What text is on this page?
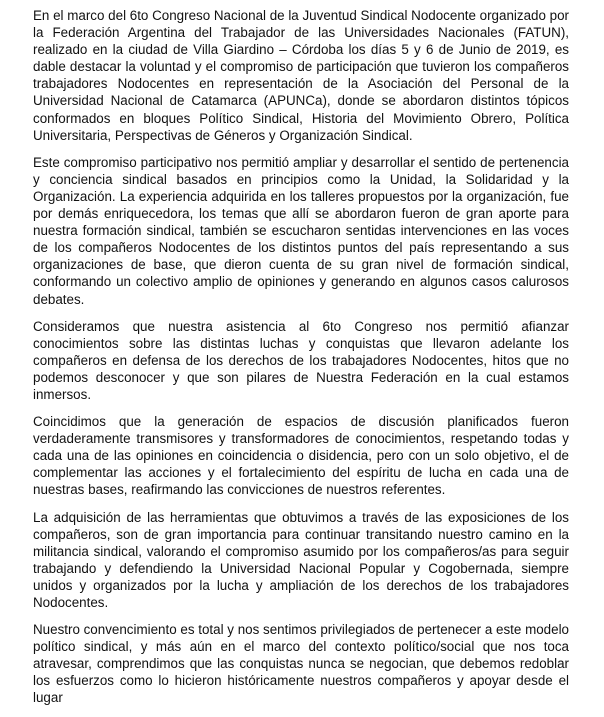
En el marco del 6to Congreso Nacional de la Juventud Sindical Nodocente organizado por la Federación Argentina del Trabajador de las Universidades Nacionales (FATUN), realizado en la ciudad de Villa Giardino – Córdoba los días 5 y 6 de Junio de 2019, es dable destacar la voluntad y el compromiso de participación que tuvieron los compañeros trabajadores Nodocentes en representación de la Asociación del Personal de la Universidad Nacional de Catamarca (APUNCa), donde se abordaron distintos tópicos conformados en bloques Político Sindical, Historia del Movimiento Obrero, Política Universitaria, Perspectivas de Géneros y Organización Sindical.

Este compromiso participativo nos permitió ampliar y desarrollar el sentido de pertenencia y conciencia sindical basados en principios como la Unidad, la Solidaridad y la Organización. La experiencia adquirida en los talleres propuestos por la organización, fue por demás enriquecedora, los temas que allí se abordaron fueron de gran aporte para nuestra formación sindical, también se escucharon sentidas intervenciones en las voces de los compañeros Nodocentes de los distintos puntos del país representando a sus organizaciones de base, que dieron cuenta de su gran nivel de formación sindical, conformando un colectivo amplio de opiniones y generando en algunos casos calurosos debates.

Consideramos que nuestra asistencia al 6to Congreso nos permitió afianzar conocimientos sobre las distintas luchas y conquistas que llevaron adelante los compañeros en defensa de los derechos de los trabajadores Nodocentes, hitos que no podemos desconocer y que son pilares de Nuestra Federación en la cual estamos inmersos.

Coincidimos que la generación de espacios de discusión planificados fueron verdaderamente transmisores y transformadores de conocimientos, respetando todas y cada una de las opiniones en coincidencia o disidencia, pero con un solo objetivo, el de complementar las acciones y el fortalecimiento del espíritu de lucha en cada una de nuestras bases, reafirmando las convicciones de nuestros referentes.

La adquisición de las herramientas que obtuvimos a través de las exposiciones de los compañeros, son de gran importancia para continuar transitando nuestro camino en la militancia sindical, valorando el compromiso asumido por los compañeros/as para seguir trabajando y defendiendo la Universidad Nacional Popular y Cogobernada, siempre unidos y organizados por la lucha y ampliación de los derechos de los trabajadores Nodocentes.

Nuestro convencimiento es total y nos sentimos privilegiados de pertenecer a este modelo político sindical, y más aún en el marco del contexto político/social que nos toca atravesar, comprendimos que las conquistas nunca se negocian, que debemos redoblar los esfuerzos como lo hicieron históricamente nuestros compañeros y apoyar desde el lugar
